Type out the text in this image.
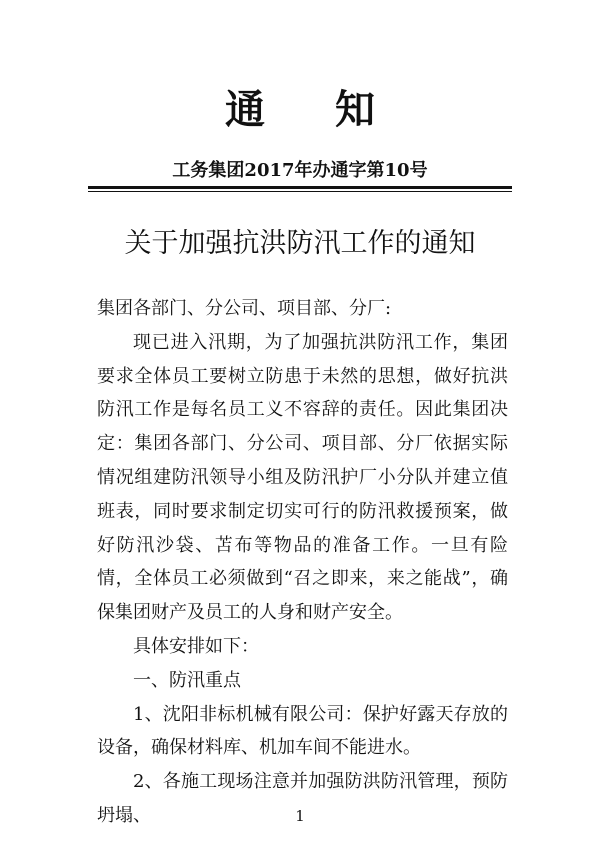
通知
工务集团2017年办通字第10号
关于加强抗洪防汛工作的通知

集团各部门、分公司、项目部、分厂:

现已进入汛期，为了加强抗洪防汛工作，集团要求全体员工要树立防患于未然的思想，做好抗洪防汛工作是每名员工义不容辞的责任。因此集团决定：集团各部门、分公司、项目部、分厂依据实际情况组建防汛领导小组及防汛护厂小分队并建立值班表，同时要求制定切实可行的防汛救援预案，做好防汛沙袋、苫布等物品的准备工作。一旦有险情，全体员工必须做到“召之即来，来之能战”，确保集团财产及员工的人身和财产安全。

具体安排如下：

一、防汛重点

1、沈阳非标机械有限公司：保护好露天存放的设备，确保材料库、机加车间不能进水。

2、各施工现场注意并加强防洪防汛管理，预防坍塌、	1
